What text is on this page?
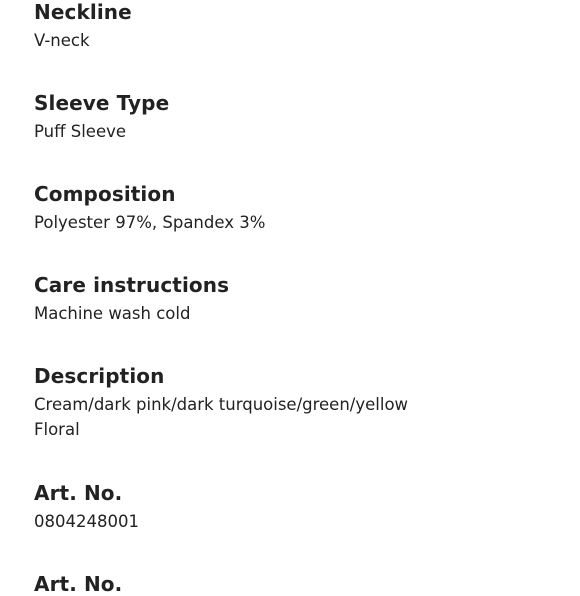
Neckline
V-neck
Sleeve Type
Puff Sleeve
Composition
Polyester 97%, Spandex 3%
Care instructions
Machine wash cold
Description
Cream/dark pink/dark turquoise/green/yellow
Floral
Art. No.
0804248001
Art. No.
